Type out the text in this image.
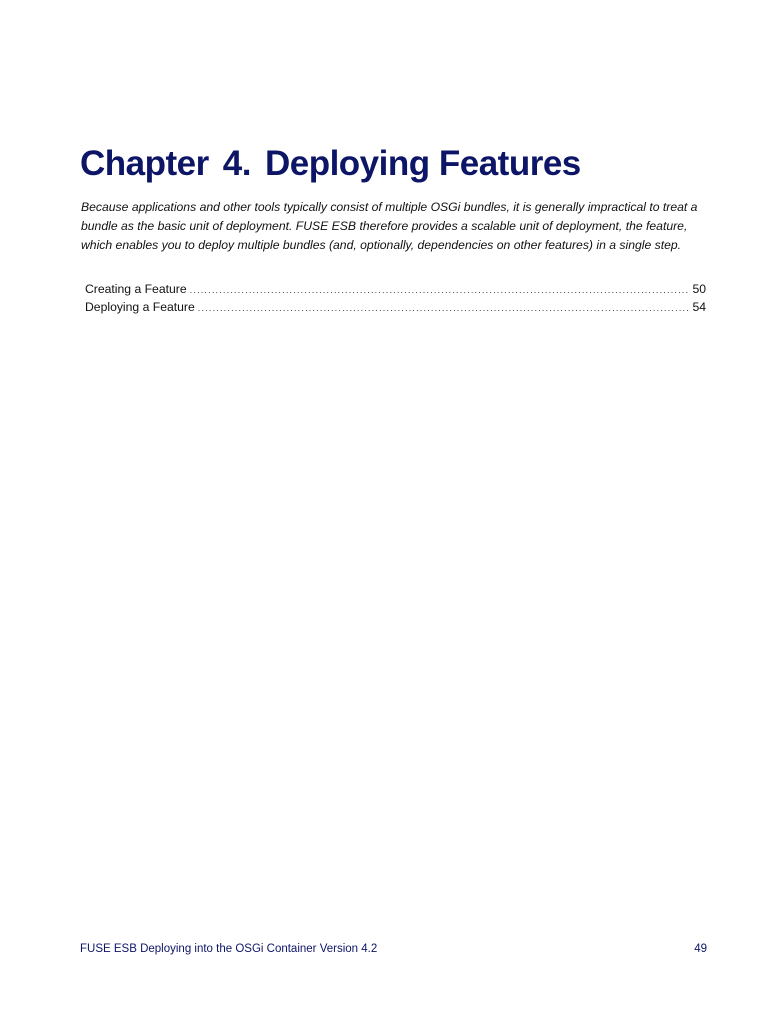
Chapter 4. Deploying Features

Because applications and other tools typically consist of multiple OSGi bundles, it is generally impractical to treat a bundle as the basic unit of deployment. FUSE ESB therefore provides a scalable unit of deployment, the feature, which enables you to deploy multiple bundles (and, optionally, dependencies on other features) in a single step.

Creating a Feature .....	50
Deploying a Feature .....	54
FUSE ESB Deploying into the OSGi Container Version 4.2	49
